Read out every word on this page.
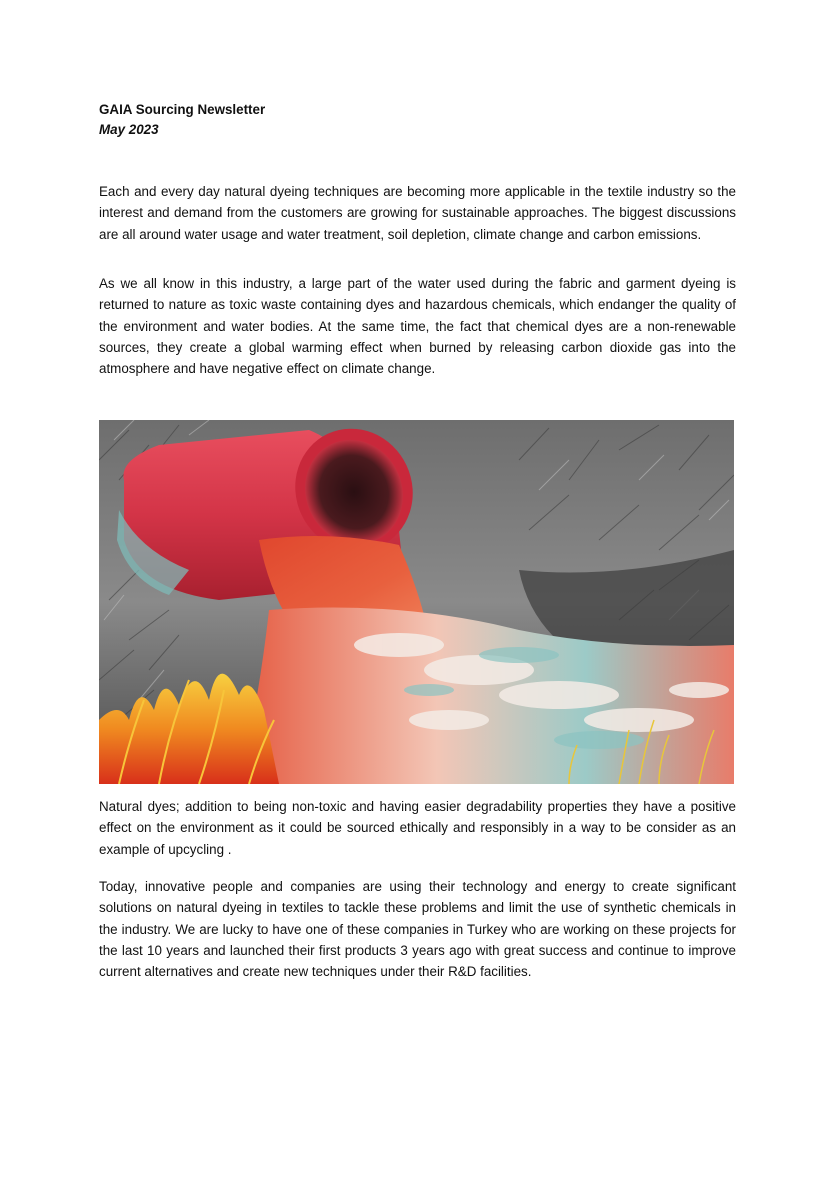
GAIA Sourcing Newsletter
May 2023

Each and every day natural dyeing techniques are becoming more applicable in the textile industry so the interest and demand from the customers are growing for sustainable approaches. The biggest discussions are all around water usage and water treatment, soil depletion, climate change and carbon emissions.

As we all know in this industry, a large part of the water used during the fabric and garment dyeing is returned to nature as toxic waste containing dyes and hazardous chemicals, which endanger the quality of the environment and water bodies. At the same time, the fact that chemical dyes are a non-renewable sources, they create a global warming effect when burned by releasing carbon dioxide gas into the atmosphere and have negative effect on climate change.

Natural dyes; addition to being non-toxic and having easier degradability properties they have a positive effect on the environment as it could be sourced ethically and responsibly in a way to be consider as an example of upcycling .

Today, innovative people and companies are using their technology and energy to create significant solutions on natural dyeing in textiles to tackle these problems and limit the use of synthetic chemicals in the industry. We are lucky to have one of these companies in Turkey who are working on these projects for the last 10 years and launched their first products 3 years ago with great success and continue to improve current alternatives and create new techniques under their R&D facilities.
